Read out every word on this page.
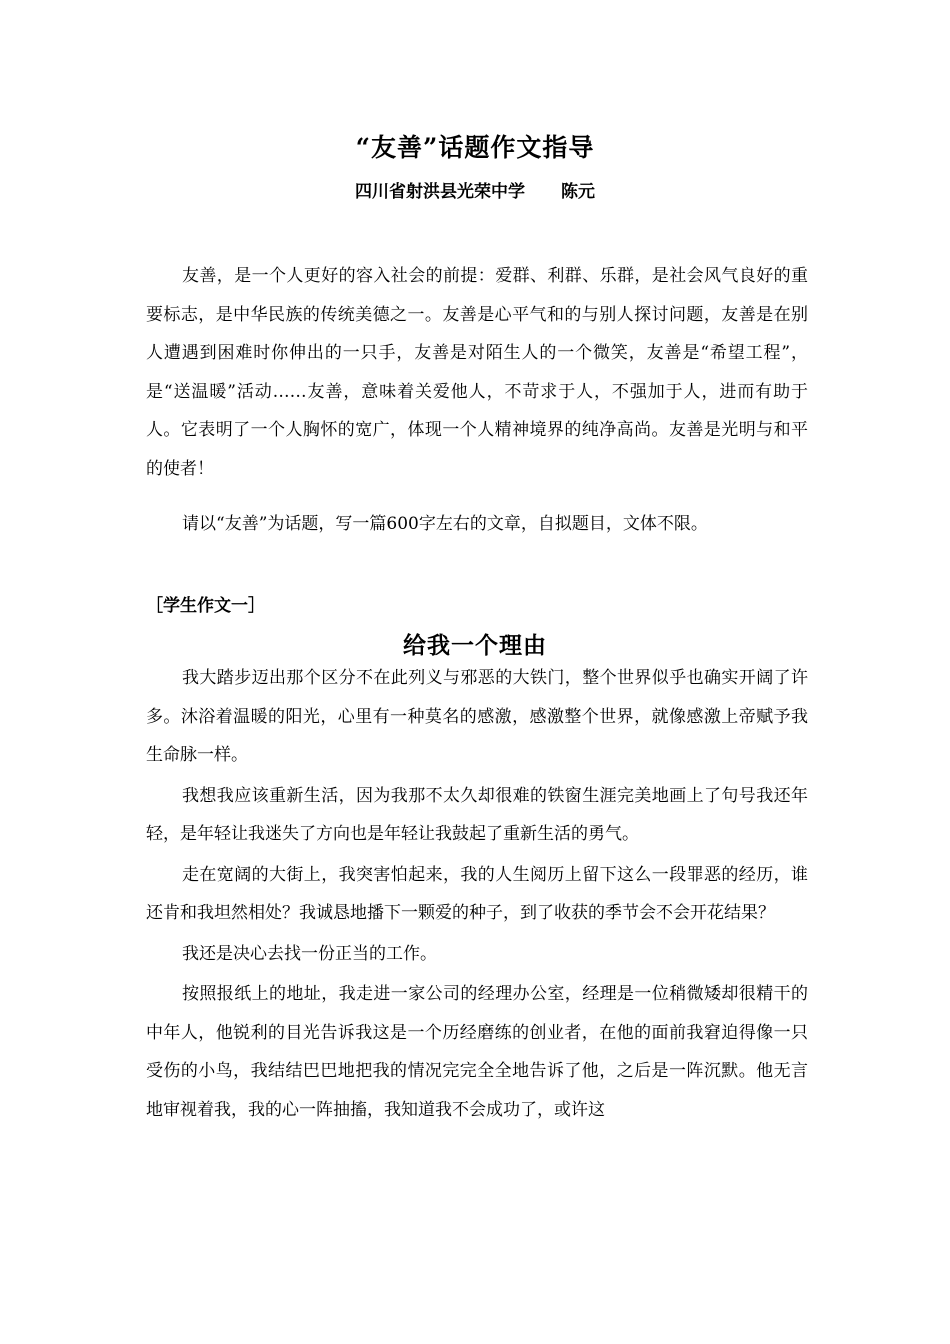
“友善”话题作文指导
四川省射洪县光荣中学 陈元

友善，是一个人更好的容入社会的前提：爱群、利群、乐群，是社会风气良好的重要标志，是中华民族的传统美德之一。友善是心平气和的与别人探讨问题，友善是在别人遭遇到困难时你伸出的一只手，友善是对陌生人的一个微笑，友善是“希望工程”，是“送温暖”活动……友善，意味着关爱他人，不苛求于人，不强加于人，进而有助于人。它表明了一个人胸怀的宽广，体现一个人精神境界的纯净高尚。友善是光明与和平的使者！

请以“友善”为话题，写一篇600字左右的文章，自拟题目，文体不限。

［学生作文一］
给我一个理由

我大踏步迈出那个区分不在此列义与邪恶的大铁门，整个世界似乎也确实开阔了许多。沐浴着温暖的阳光，心里有一种莫名的感激，感激整个世界，就像感激上帝赋予我生命脉一样。

我想我应该重新生活，因为我那不太久却很难的铁窗生涯完美地画上了句号我还年轻，是年轻让我迷失了方向也是年轻让我鼓起了重新生活的勇气。

走在宽阔的大街上，我突害怕起来，我的人生阅历上留下这么一段罪恶的经历，谁还肯和我坦然相处？我诚恳地播下一颗爱的种子，到了收获的季节会不会开花结果？

我还是决心去找一份正当的工作。

按照报纸上的地址，我走进一家公司的经理办公室，经理是一位稍微矮却很精干的中年人，他锐利的目光告诉我这是一个历经磨练的创业者，在他的面前我窘迫得像一只受伤的小鸟，我结结巴巴地把我的情况完完全全地告诉了他，之后是一阵沉默。他无言地审视着我，我的心一阵抽搐，我知道我不会成功了，或许这
